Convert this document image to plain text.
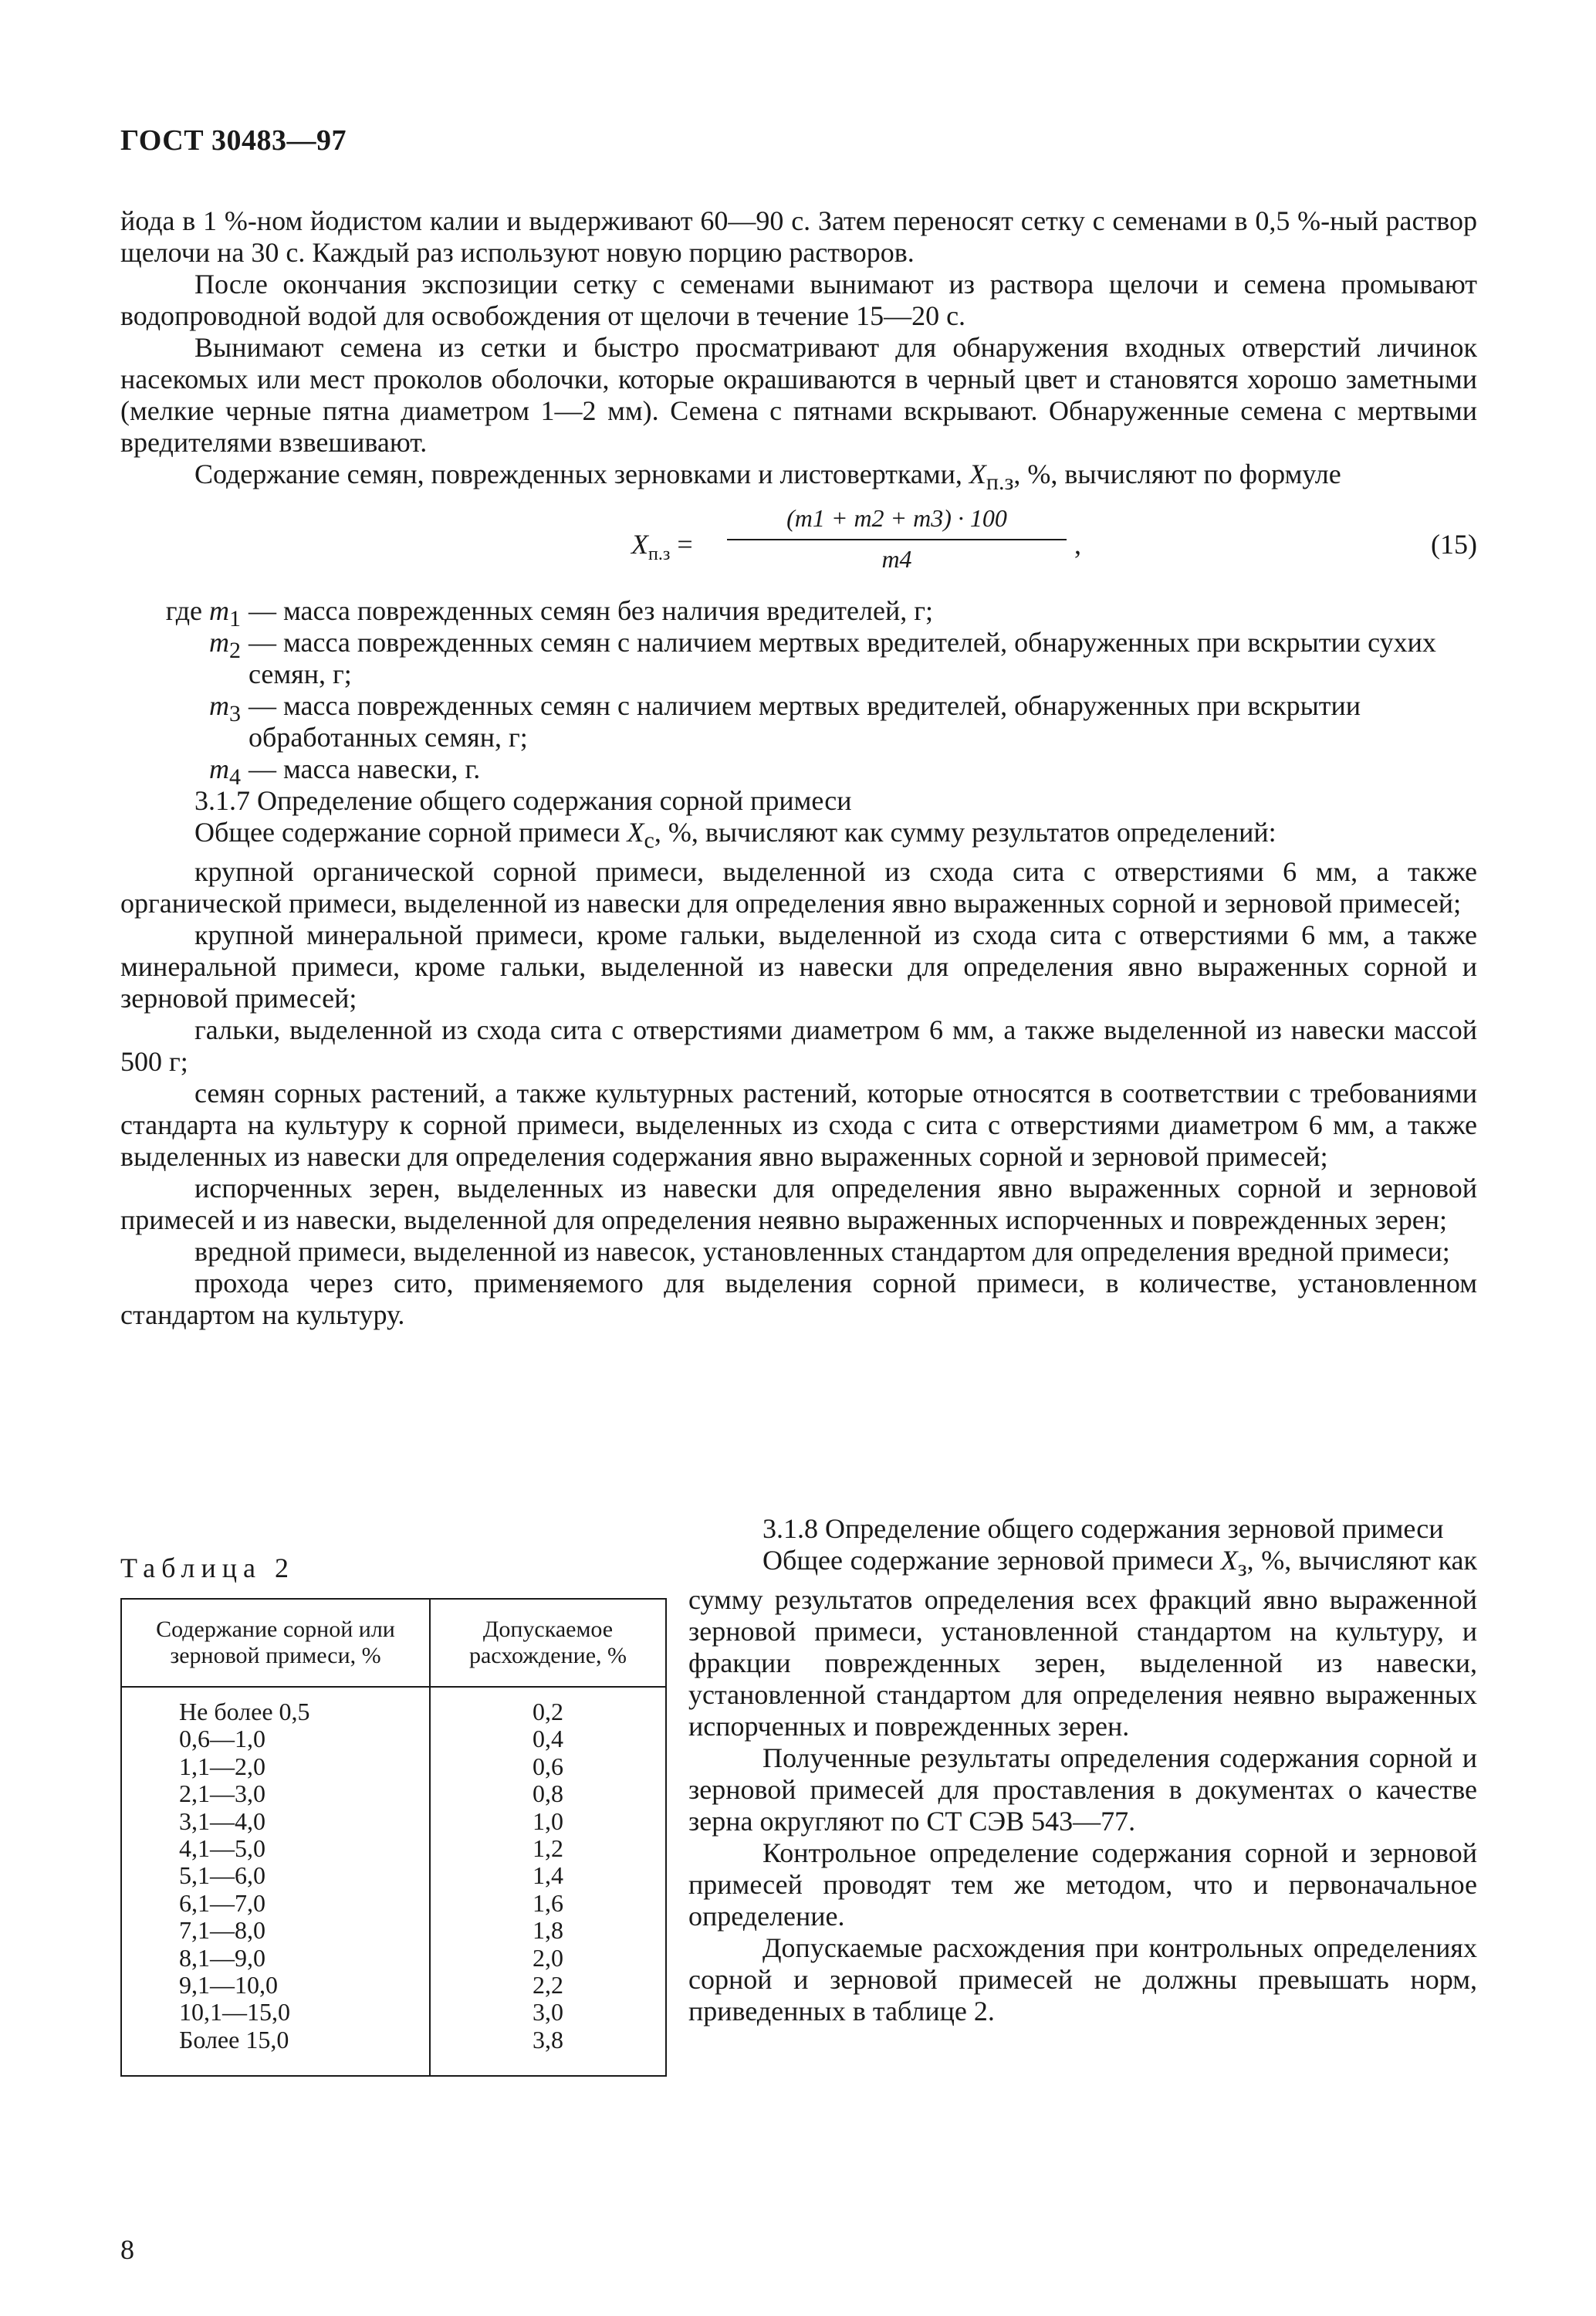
ГОСТ 30483—97

йода в 1 %-ном йодистом калии и выдерживают 60—90 с. Затем переносят сетку с семенами в 0,5 %-ный раствор щелочи на 30 с. Каждый раз используют новую порцию растворов.

После окончания экспозиции сетку с семенами вынимают из раствора щелочи и семена промывают водопроводной водой для освобождения от щелочи в течение 15—20 с.

Вынимают семена из сетки и быстро просматривают для обнаружения входных отверстий личинок насекомых или мест проколов оболочки, которые окрашиваются в черный цвет и становятся хорошо заметными (мелкие черные пятна диаметром 1—2 мм). Семена с пятнами вскрывают. Обнаруженные семена с мертвыми вредителями взвешивают.

Содержание семян, поврежденных зерновками и листовертками, $X_{п.з}$, %, вычисляют по формуле

$X_{п.з}$ =
(m1 + m2 + m3) · 100
m4	,	(15)
где $m_1$ — масса поврежденных семян без наличия вредителей, г;
$m_2$ — масса поврежденных семян с наличием мертвых вредителей, обнаруженных при вскрытии сухих семян, г;
$m_3$ — масса поврежденных семян с наличием мертвых вредителей, обнаруженных при вскрытии обработанных семян, г;
$m_4$ — масса навески, г.

3.1.7 Определение общего содержания сорной примеси

Общее содержание сорной примеси $X_с$, %, вычисляют как сумму результатов определений:

крупной органической сорной примеси, выделенной из схода сита с отверстиями 6 мм, а также органической примеси, выделенной из навески для определения явно выраженных сорной и зерновой примесей;

крупной минеральной примеси, кроме гальки, выделенной из схода сита с отверстиями 6 мм, а также минеральной примеси, кроме гальки, выделенной из навески для определения явно выраженных сорной и зерновой примесей;

гальки, выделенной из схода сита с отверстиями диаметром 6 мм, а также выделенной из навески массой 500 г;

семян сорных растений, а также культурных растений, которые относятся в соответствии с требованиями стандарта на культуру к сорной примеси, выделенных из схода с сита с отверстиями диаметром 6 мм, а также выделенных из навески для определения содержания явно выраженных сорной и зерновой примесей;

испорченных зерен, выделенных из навески для определения явно выраженных сорной и зерновой примесей и из навески, выделенной для определения неявно выраженных испорченных и поврежденных зерен;

вредной примеси, выделенной из навесок, установленных стандартом для определения вредной примеси;

прохода через сито, применяемого для выделения сорной примеси, в количестве, установленном стандартом на культуру.

Таблица 2
Содержание сорной или зерновой примеси, %
Допускаемое расхождение, %
Не более 0,5
0,6—1,0
1,1—2,0
2,1—3,0
3,1—4,0
4,1—5,0
5,1—6,0
6,1—7,0
7,1—8,0
8,1—9,0
9,1—10,0
10,1—15,0
Более 15,0
0,2
0,4
0,6
0,8
1,0
1,2
1,4
1,6
1,8
2,0
2,2
3,0
3,8

3.1.8 Определение общего содержания зерновой примеси

Общее содержание зерновой примеси $X_з$, %, вычисляют как сумму результатов определения всех фракций явно выраженной зерновой примеси, установленной стандартом на культуру, и фракции поврежденных зерен, выделенной из навески, установленной стандартом для определения неявно выраженных испорченных и поврежденных зерен.

Полученные результаты определения содержания сорной и зерновой примесей для проставления в документах о качестве зерна округляют по СТ СЭВ 543—77.

Контрольное определение содержания сорной и зерновой примесей проводят тем же методом, что и первоначальное определение.

Допускаемые расхождения при контрольных определениях сорной и зерновой примесей не должны превышать норм, приведенных в таблице 2.

8
